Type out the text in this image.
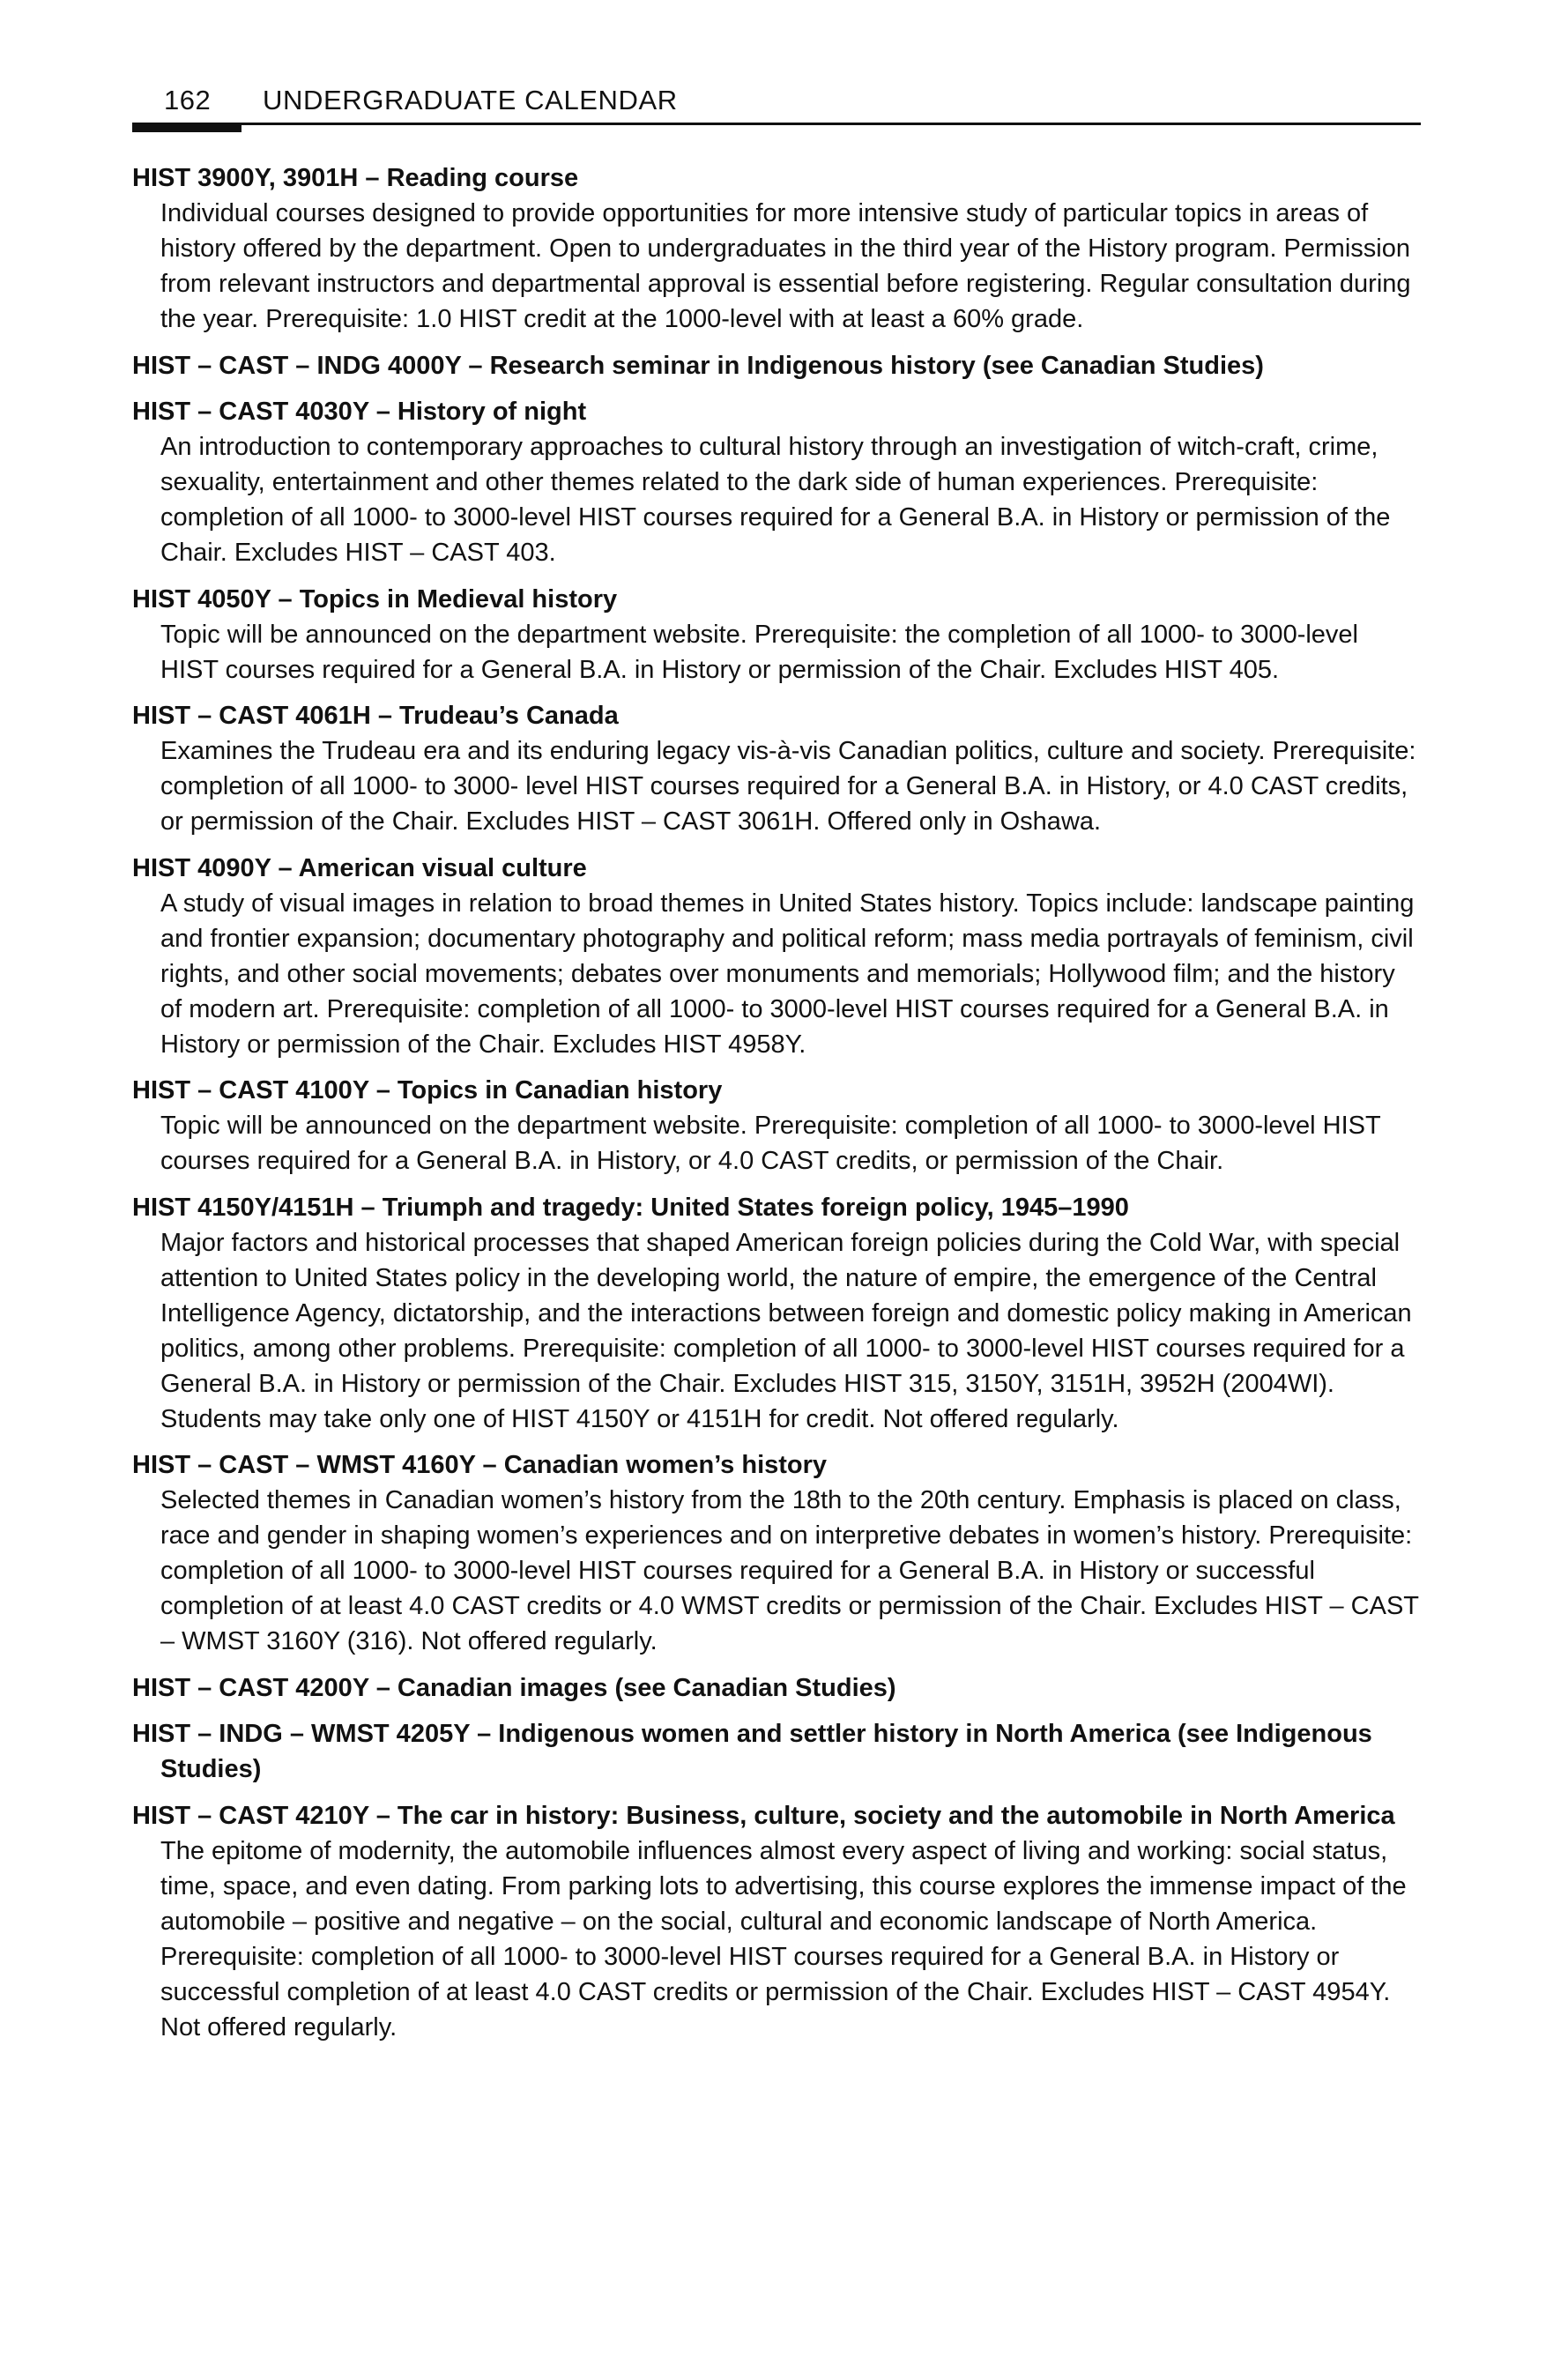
162 UNDERGRADUATE CALENDAR
HIST 3900Y, 3901H – Reading course
Individual courses designed to provide opportunities for more intensive study of particular topics in areas of history offered by the department. Open to undergraduates in the third year of the History program. Permission from relevant instructors and departmental approval is essential before registering. Regular consultation during the year. Prerequisite: 1.0 HIST credit at the 1000-level with at least a 60% grade.
HIST – CAST – INDG 4000Y – Research seminar in Indigenous history (see Canadian Studies)
HIST – CAST 4030Y – History of night
An introduction to contemporary approaches to cultural history through an investigation of witch-craft, crime, sexuality, entertainment and other themes related to the dark side of human experiences. Prerequisite: completion of all 1000- to 3000-level HIST courses required for a General B.A. in History or permission of the Chair. Excludes HIST – CAST 403.
HIST 4050Y – Topics in Medieval history
Topic will be announced on the department website. Prerequisite: the completion of all 1000- to 3000-level HIST courses required for a General B.A. in History or permission of the Chair. Excludes HIST 405.
HIST – CAST 4061H – Trudeau’s Canada
Examines the Trudeau era and its enduring legacy vis-à-vis Canadian politics, culture and society. Prerequisite: completion of all 1000- to 3000- level HIST courses required for a General B.A. in History, or 4.0 CAST credits, or permission of the Chair. Excludes HIST – CAST 3061H. Offered only in Oshawa.
HIST 4090Y – American visual culture
A study of visual images in relation to broad themes in United States history. Topics include: landscape painting and frontier expansion; documentary photography and political reform; mass media portrayals of feminism, civil rights, and other social movements; debates over monuments and memorials; Hollywood film; and the history of modern art. Prerequisite: completion of all 1000- to 3000-level HIST courses required for a General B.A. in History or permission of the Chair. Excludes HIST 4958Y.
HIST – CAST 4100Y – Topics in Canadian history
Topic will be announced on the department website. Prerequisite: completion of all 1000- to 3000-level HIST courses required for a General B.A. in History, or 4.0 CAST credits, or permission of the Chair.
HIST 4150Y/4151H – Triumph and tragedy: United States foreign policy, 1945–1990
Major factors and historical processes that shaped American foreign policies during the Cold War, with special attention to United States policy in the developing world, the nature of empire, the emergence of the Central Intelligence Agency, dictatorship, and the interactions between foreign and domestic policy making in American politics, among other problems. Prerequisite: completion of all 1000- to 3000-level HIST courses required for a General B.A. in History or permission of the Chair. Excludes HIST 315, 3150Y, 3151H, 3952H (2004WI). Students may take only one of HIST 4150Y or 4151H for credit. Not offered regularly.
HIST – CAST – WMST 4160Y – Canadian women’s history
Selected themes in Canadian women’s history from the 18th to the 20th century. Emphasis is placed on class, race and gender in shaping women’s experiences and on interpretive debates in women’s history. Prerequisite: completion of all 1000- to 3000-level HIST courses required for a General B.A. in History or successful completion of at least 4.0 CAST credits or 4.0 WMST credits or permission of the Chair. Excludes HIST – CAST – WMST 3160Y (316). Not offered regularly.
HIST – CAST 4200Y – Canadian images (see Canadian Studies)
HIST – INDG – WMST 4205Y – Indigenous women and settler history in North America (see Indigenous Studies)
HIST – CAST 4210Y – The car in history: Business, culture, society and the automobile in North America
The epitome of modernity, the automobile influences almost every aspect of living and working: social status, time, space, and even dating. From parking lots to advertising, this course explores the immense impact of the automobile – positive and negative – on the social, cultural and economic landscape of North America. Prerequisite: completion of all 1000- to 3000-level HIST courses required for a General B.A. in History or successful completion of at least 4.0 CAST credits or permission of the Chair. Excludes HIST – CAST 4954Y. Not offered regularly.
